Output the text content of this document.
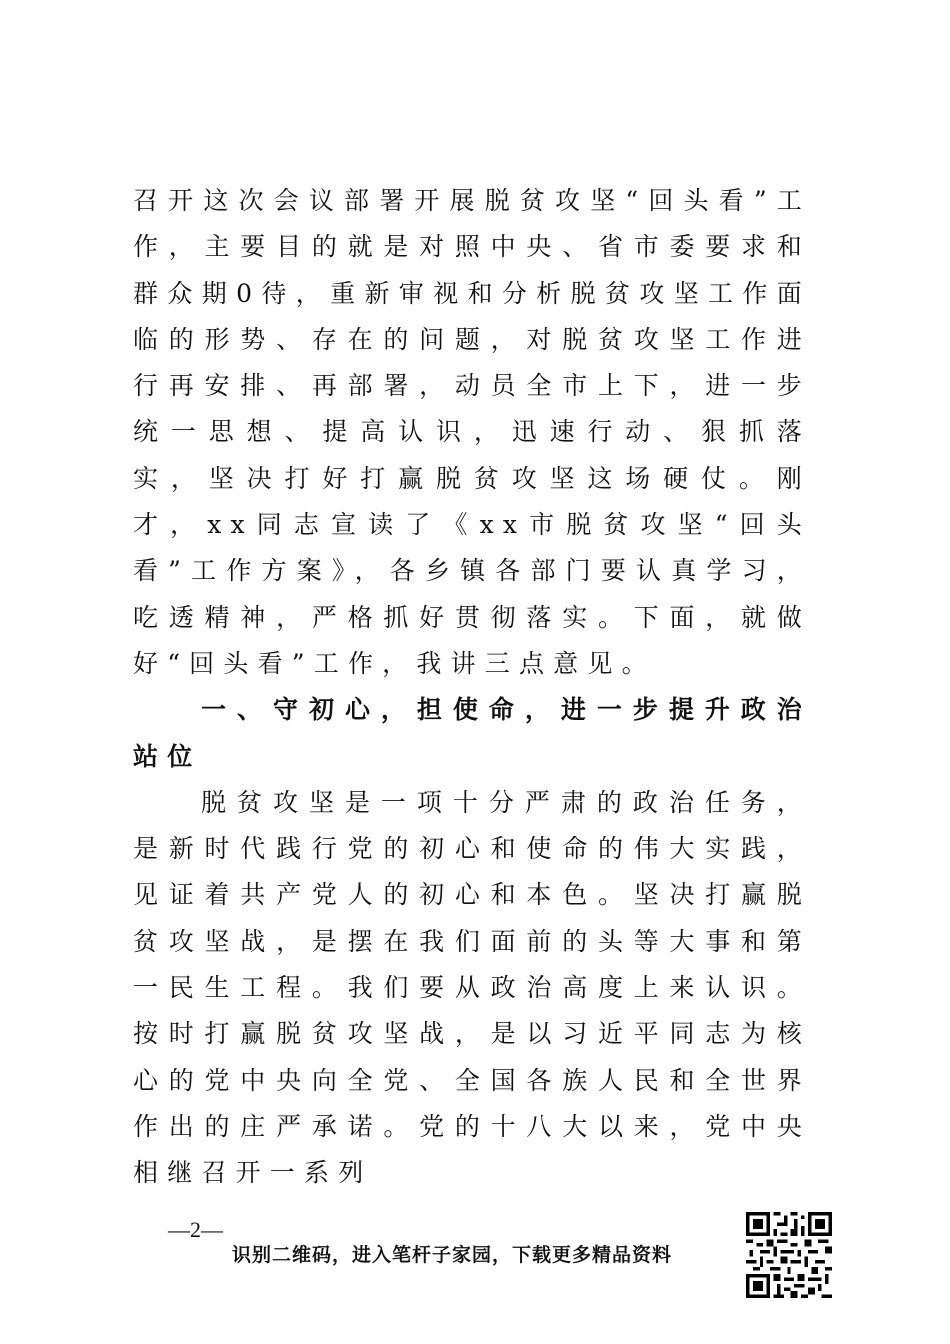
召开这次会议部署开展脱贫攻坚“回头看”工作，主要目的就是对照中央、省市委要求和群众期0待，重新审视和分析脱贫攻坚工作面临的形势、存在的问题，对脱贫攻坚工作进行再安排、再部署，动员全市上下，进一步统一思想、提高认识，迅速行动、狠抓落实，坚决打好打赢脱贫攻坚这场硬仗。刚才，xx同志宣读了《xx市脱贫攻坚“回头看”工作方案》，各乡镇各部门要认真学习，吃透精神，严格抓好贯彻落实。下面，就做好“回头看”工作，我讲三点意见。

一、守初心，担使命，进一步提升政治站位

脱贫攻坚是一项十分严肃的政治任务，是新时代践行党的初心和使命的伟大实践，见证着共产党人的初心和本色。坚决打赢脱贫攻坚战，是摆在我们面前的头等大事和第一民生工程。我们要从政治高度上来认识。按时打赢脱贫攻坚战，是以习近平同志为核心的党中央向全党、全国各族人民和全世界作出的庄严承诺。党的十八大以来，党中央相继召开一系列

—2—
识别二维码，进入笔杆子家园，下载更多精品资料
